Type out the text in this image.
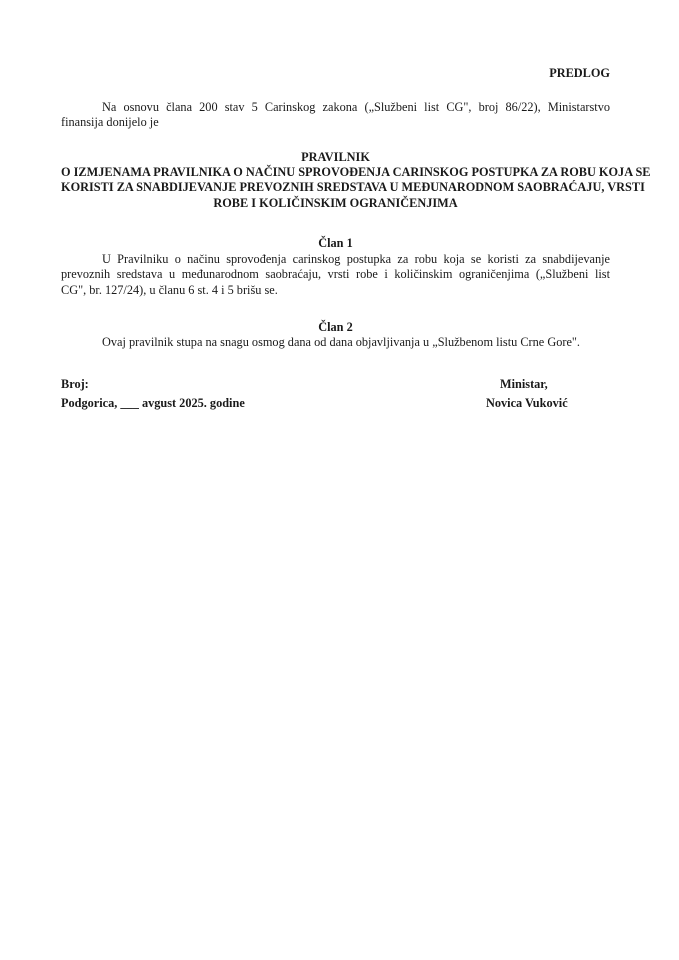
PREDLOG
Na osnovu člana 200 stav 5 Carinskog zakona („Službeni list CG", broj 86/22), Ministarstvo
finansija donijelo je
PRAVILNIK
O IZMJENAMA PRAVILNIKA O NAČINU SPROVOĐENJA CARINSKOG POSTUPKA ZA ROBU KOJA SE
KORISTI ZA SNABDIJEVANJE PREVOZNIH SREDSTAVA U MEĐUNARODNOM SAOBRAĆAJU, VRSTI
ROBE I KOLIČINSKIM OGRANIČENJIMA
Član 1
U Pravilniku o načinu sprovođenja carinskog postupka za robu koja se koristi za snabdijevanje
prevoznih sredstava u međunarodnom saobraćaju, vrsti robe i količinskim ograničenjima („Službeni list
CG", br. 127/24), u članu 6 st. 4 i 5 brišu se.
Član 2
Ovaj pravilnik stupa na snagu osmog dana od dana objavljivanja u „Službenom listu Crne Gore".
Broj:
Podgorica, ___ avgust 2025. godine
Ministar,
Novica Vuković
